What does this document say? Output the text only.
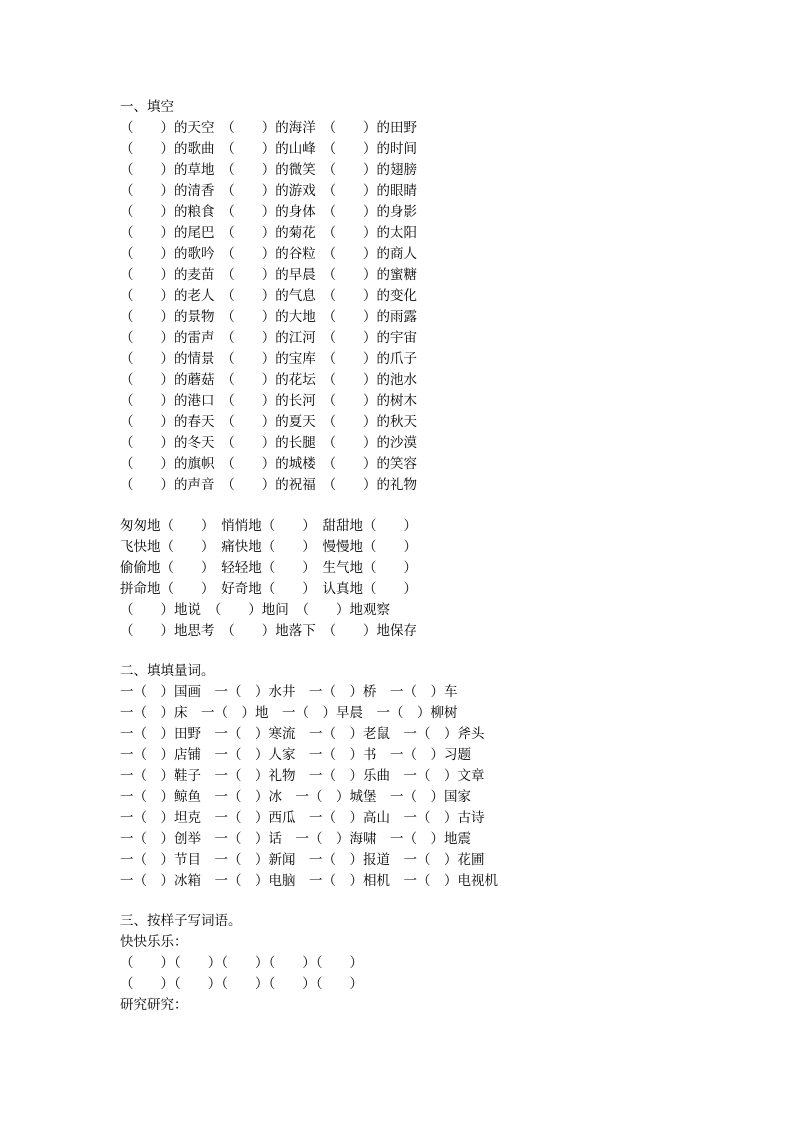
一、填空
（　　）的天空　（　　）的海洋　（　　）的田野
（　　）的歌曲　（　　）的山峰　（　　）的时间
（　　）的草地　（　　）的微笑　（　　）的翅膀
（　　）的清香　（　　）的游戏　（　　）的眼睛
（　　）的粮食　（　　）的身体　（　　）的身影
（　　）的尾巴　（　　）的菊花　（　　）的太阳
（　　）的歌吟　（　　）的谷粒　（　　）的商人
（　　）的麦苗　（　　）的早晨　（　　）的蜜糖
（　　）的老人　（　　）的气息　（　　）的变化
（　　）的景物　（　　）的大地　（　　）的雨露
（　　）的雷声　（　　）的江河　（　　）的宇宙
（　　）的情景　（　　）的宝库　（　　）的爪子
（　　）的蘑菇　（　　）的花坛　（　　）的池水
（　　）的港口　（　　）的长河　（　　）的树木
（　　）的春天　（　　）的夏天　（　　）的秋天
（　　）的冬天　（　　）的长腿　（　　）的沙漠
（　　）的旗帜　（　　）的城楼　（　　）的笑容
（　　）的声音　（　　）的祝福　（　　）的礼物
匆匆地（　　）　悄悄地（　　）　甜甜地（　　）
飞快地（　　）　痛快地（　　）　慢慢地（　　）
偷偷地（　　）　轻轻地（　　）　生气地（　　）
拼命地（　　）　好奇地（　　）　认真地（　　）
（　　）地说　（　　）地问　（　　）地观察
（　　）地思考　（　　）地落下　（　　）地保存
二、填填量词。
一（　）国画　一（　）水井　一（　）桥　一（　）车
一（　）床　一（　）地　一（　）早晨　一（　）柳树
一（　）田野　一（　）寒流　一（　）老鼠　一（　）斧头
一（　）店铺　一（　）人家　一（　）书　一（　）习题
一（　）鞋子　一（　）礼物　一（　）乐曲　一（　）文章
一（　）鲸鱼　一（　）冰　一（　）城堡　一（　）国家
一（　）坦克　一（　）西瓜　一（　）高山　一（　）古诗
一（　）创举　一（　）话　一（　）海啸　一（　）地震
一（　）节目　一（　）新闻　一（　）报道　一（　）花圃
一（　）冰箱　一（　）电脑　一（　）相机　一（　）电视机
三、按样子写词语。
快快乐乐：
（　　）（　　）（　　）（　　）（　　）
（　　）（　　）（　　）（　　）（　　）
研究研究：
